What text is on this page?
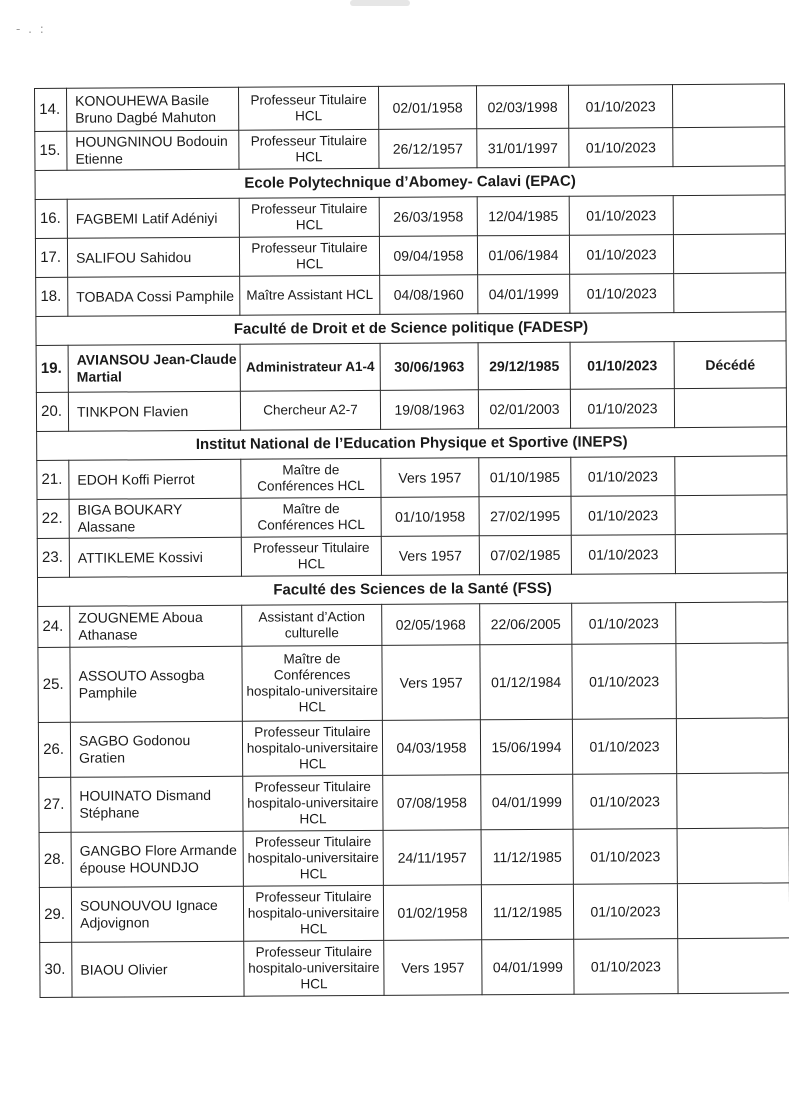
- . :
14.	KONOUHEWA Basile Bruno Dagbé Mahuton	Professeur Titulaire HCL	02/01/1958	02/03/1998	01/10/2023	
15.	HOUNGNINOU Bodouin Etienne	Professeur Titulaire HCL	26/12/1957	31/01/1997	01/10/2023	
Ecole Polytechnique d’Abomey- Calavi (EPAC)						
16.	FAGBEMI Latif Adéniyi	Professeur Titulaire HCL	26/03/1958	12/04/1985	01/10/2023	
17.	SALIFOU Sahidou	Professeur Titulaire HCL	09/04/1958	01/06/1984	01/10/2023	
18.	TOBADA Cossi Pamphile	Maître Assistant HCL	04/08/1960	04/01/1999	01/10/2023	
Faculté de Droit et de Science politique (FADESP)						
19.	AVIANSOU Jean-Claude Martial	Administrateur A1-4	30/06/1963	29/12/1985	01/10/2023	Décédé
20.	TINKPON Flavien	Chercheur A2-7	19/08/1963	02/01/2003	01/10/2023	
Institut National de l’Education Physique et Sportive (INEPS)						
21.	EDOH Koffi Pierrot	Maître de Conférences HCL	Vers 1957	01/10/1985	01/10/2023	
22.	BIGA BOUKARY Alassane	Maître de Conférences HCL	01/10/1958	27/02/1995	01/10/2023	
23.	ATTIKLEME Kossivi	Professeur Titulaire HCL	Vers 1957	07/02/1985	01/10/2023	
Faculté des Sciences de la Santé (FSS)						
24.	ZOUGNEME Aboua Athanase	Assistant d’Action culturelle	02/05/1968	22/06/2005	01/10/2023	
25.	ASSOUTO Assogba Pamphile	Maître de Conférences hospitalo-universitaire HCL	Vers 1957	01/12/1984	01/10/2023	
26.	SAGBO Godonou Gratien	Professeur Titulaire hospitalo-universitaire HCL	04/03/1958	15/06/1994	01/10/2023	
27.	HOUINATO Dismand Stéphane	Professeur Titulaire hospitalo-universitaire HCL	07/08/1958	04/01/1999	01/10/2023	
28.	GANGBO Flore Armande épouse HOUNDJO	Professeur Titulaire hospitalo-universitaire HCL	24/11/1957	11/12/1985	01/10/2023	
29.	SOUNOUVOU Ignace Adjovignon	Professeur Titulaire hospitalo-universitaire HCL	01/02/1958	11/12/1985	01/10/2023	
30.	BIAOU Olivier	Professeur Titulaire hospitalo-universitaire HCL	Vers 1957	04/01/1999	01/10/2023	
